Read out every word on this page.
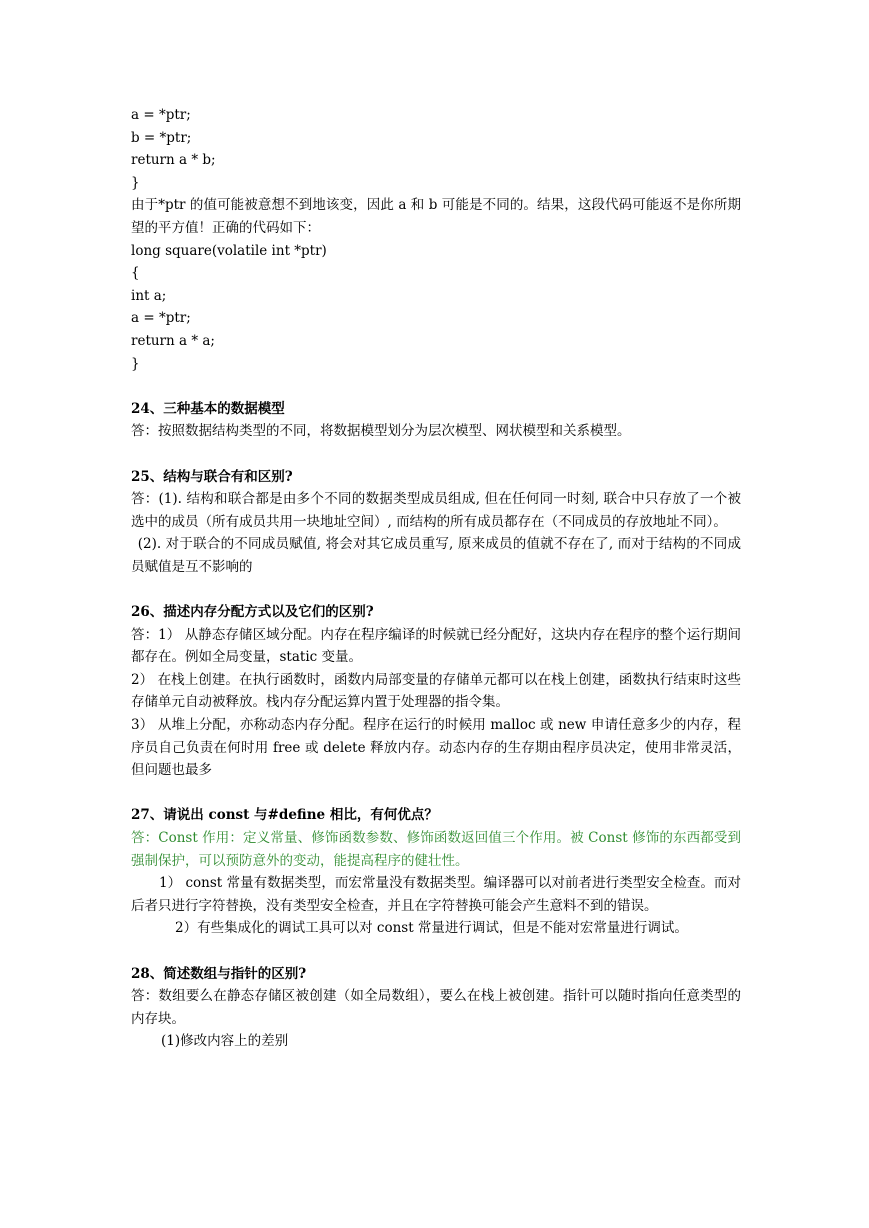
a = *ptr;
b = *ptr;
return a * b;
}
由于*ptr 的值可能被意想不到地该变，因此 a 和 b 可能是不同的。结果，这段代码可能返不是你所期望的平方值！正确的代码如下：
long square(volatile int *ptr)
{
int a;
a = *ptr;
return a * a;
}
24、三种基本的数据模型
答：按照数据结构类型的不同，将数据模型划分为层次模型、网状模型和关系模型。
25、结构与联合有和区别?
答：(1). 结构和联合都是由多个不同的数据类型成员组成, 但在任何同一时刻, 联合中只存放了一个被选中的成员（所有成员共用一块地址空间）, 而结构的所有成员都存在（不同成员的存放地址不同）。
(2). 对于联合的不同成员赋值, 将会对其它成员重写, 原来成员的值就不存在了, 而对于结构的不同成员赋值是互不影响的
26、描述内存分配方式以及它们的区别?
答：1） 从静态存储区域分配。内存在程序编译的时候就已经分配好，这块内存在程序的整个运行期间都存在。例如全局变量，static 变量。
2） 在栈上创建。在执行函数时，函数内局部变量的存储单元都可以在栈上创建，函数执行结束时这些存储单元自动被释放。栈内存分配运算内置于处理器的指令集。
3） 从堆上分配，亦称动态内存分配。程序在运行的时候用 malloc 或 new 申请任意多少的内存，程序员自己负责在何时用 free 或 delete 释放内存。动态内存的生存期由程序员决定，使用非常灵活，但问题也最多
27、请说出 const 与#define 相比，有何优点？
答：Const 作用：定义常量、修饰函数参数、修饰函数返回值三个作用。被 Const 修饰的东西都受到强制保护，可以预防意外的变动，能提高程序的健壮性。
1） const 常量有数据类型，而宏常量没有数据类型。编译器可以对前者进行类型安全检查。而对后者只进行字符替换，没有类型安全检查，并且在字符替换可能会产生意料不到的错误。
2）有些集成化的调试工具可以对 const 常量进行调试，但是不能对宏常量进行调试。
28、简述数组与指针的区别?
答：数组要么在静态存储区被创建（如全局数组），要么在栈上被创建。指针可以随时指向任意类型的内存块。
(1)修改内容上的差别
